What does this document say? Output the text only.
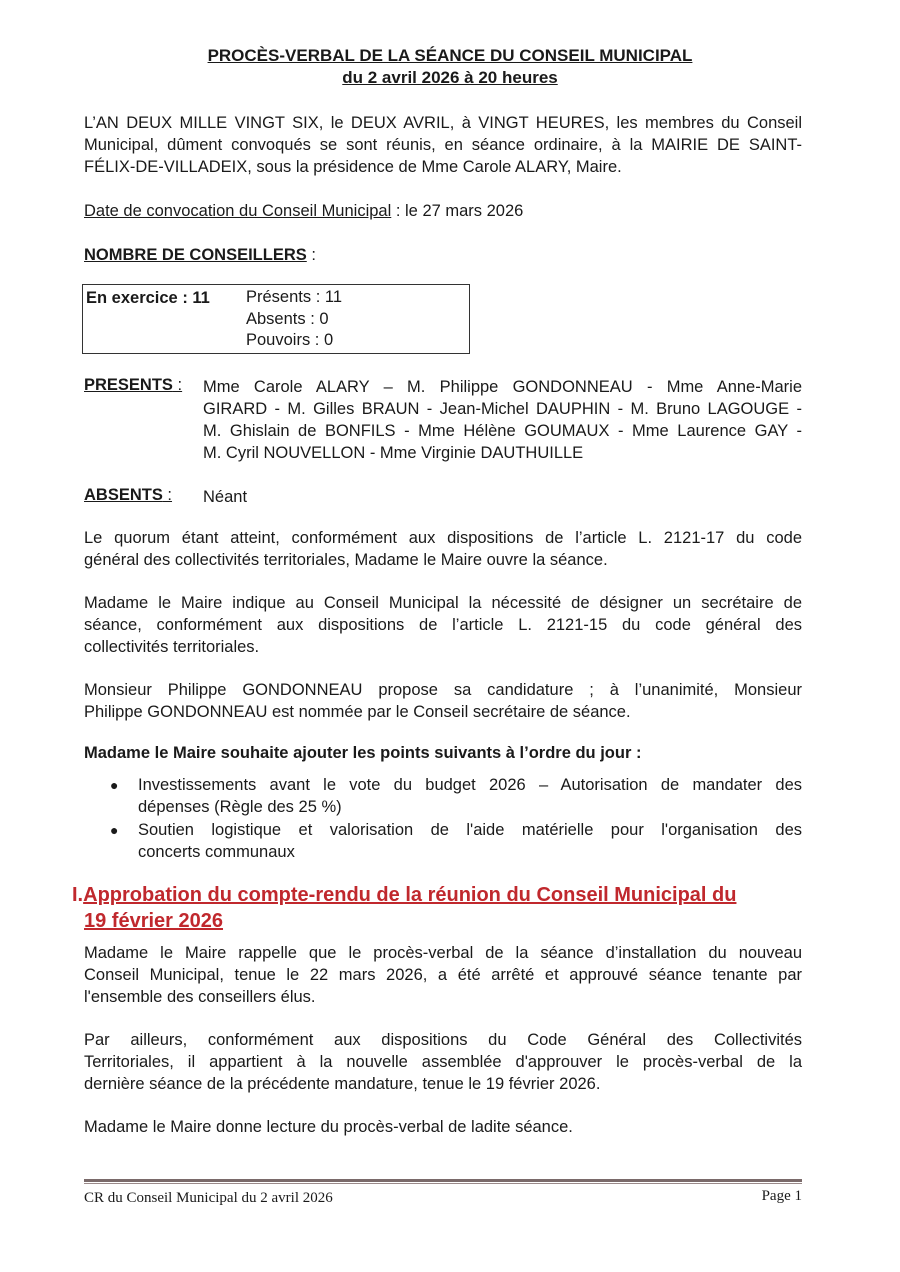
PROCÈS-VERBAL DE LA SÉANCE DU CONSEIL MUNICIPAL
du 2 avril 2026 à 20 heures
L’AN DEUX MILLE VINGT SIX, le DEUX AVRIL, à VINGT HEURES, les membres du Conseil
Municipal, dûment convoqués se sont réunis, en séance ordinaire, à la MAIRIE DE SAINT-
FÉLIX-DE-VILLADEIX, sous la présidence de Mme Carole ALARY, Maire.
Date de convocation du Conseil Municipal : le 27 mars 2026
NOMBRE DE CONSEILLERS :
En exercice : 11 Présents : 11
Absents : 0
Pouvoirs : 0
PRESENTS : Mme Carole ALARY – M. Philippe GONDONNEAU - Mme Anne-Marie
GIRARD - M. Gilles BRAUN - Jean-Michel DAUPHIN - M. Bruno LAGOUGE -
M. Ghislain de BONFILS - Mme Hélène GOUMAUX - Mme Laurence GAY -
M. Cyril NOUVELLON - Mme Virginie DAUTHUILLE
ABSENTS : Néant
Le quorum étant atteint, conformément aux dispositions de l’article L. 2121-17 du code
général des collectivités territoriales, Madame le Maire ouvre la séance.
Madame le Maire indique au Conseil Municipal la nécessité de désigner un secrétaire de
séance, conformément aux dispositions de l’article L. 2121-15 du code général des
collectivités territoriales.
Monsieur Philippe GONDONNEAU propose sa candidature ; à l’unanimité, Monsieur
Philippe GONDONNEAU est nommée par le Conseil secrétaire de séance.
Madame le Maire souhaite ajouter les points suivants à l’ordre du jour :
● Investissements avant le vote du budget 2026 – Autorisation de mandater des
dépenses (Règle des 25 %)
● Soutien logistique et valorisation de l'aide matérielle pour l'organisation des
concerts communaux
I.Approbation du compte-rendu de la réunion du Conseil Municipal du
19 février 2026
Madame le Maire rappelle que le procès-verbal de la séance d’installation du nouveau
Conseil Municipal, tenue le 22 mars 2026, a été arrêté et approuvé séance tenante par
l'ensemble des conseillers élus.
Par ailleurs, conformément aux dispositions du Code Général des Collectivités
Territoriales, il appartient à la nouvelle assemblée d'approuver le procès-verbal de la
dernière séance de la précédente mandature, tenue le 19 février 2026.
Madame le Maire donne lecture du procès-verbal de ladite séance.
CR du Conseil Municipal du 2 avril 2026	Page 1
